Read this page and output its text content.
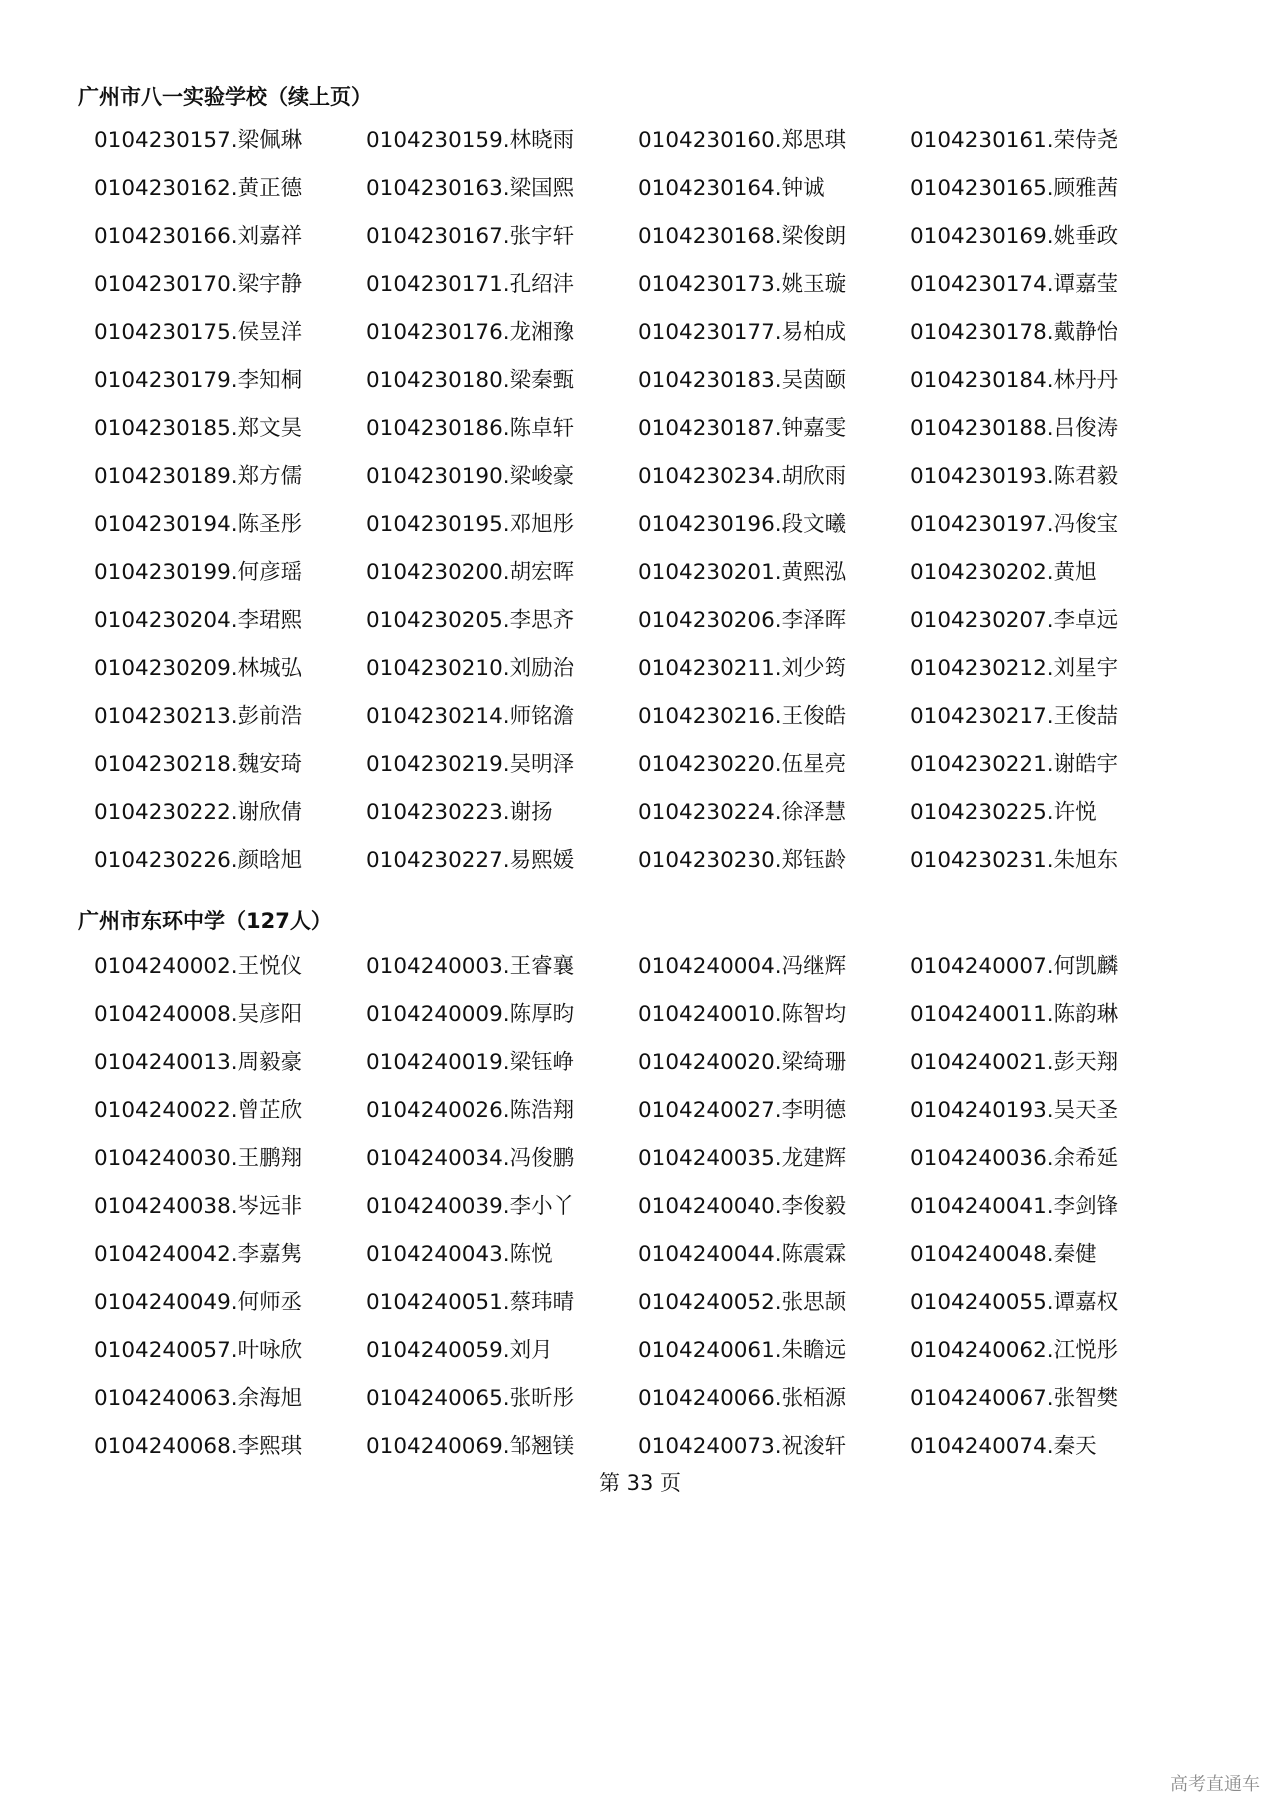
广州市八一实验学校（续上页）
0104230157.梁佩琳	0104230159.林晓雨	0104230160.郑思琪	0104230161.荣侍尧
0104230162.黄正德	0104230163.梁国熙	0104230164.钟诚	0104230165.顾雅茜
0104230166.刘嘉祥	0104230167.张宇轩	0104230168.梁俊朗	0104230169.姚垂政
0104230170.梁宇静	0104230171.孔绍沣	0104230173.姚玉璇	0104230174.谭嘉莹
0104230175.侯昱洋	0104230176.龙湘豫	0104230177.易柏成	0104230178.戴静怡
0104230179.李知桐	0104230180.梁秦甄	0104230183.吴茵颐	0104230184.林丹丹
0104230185.郑文昊	0104230186.陈卓轩	0104230187.钟嘉雯	0104230188.吕俊涛
0104230189.郑方儒	0104230190.梁峻豪	0104230234.胡欣雨	0104230193.陈君毅
0104230194.陈圣彤	0104230195.邓旭彤	0104230196.段文曦	0104230197.冯俊宝
0104230199.何彦瑶	0104230200.胡宏晖	0104230201.黄熙泓	0104230202.黄旭
0104230204.李珺熙	0104230205.李思齐	0104230206.李泽晖	0104230207.李卓远
0104230209.林城弘	0104230210.刘励治	0104230211.刘少筠	0104230212.刘星宇
0104230213.彭前浩	0104230214.师铭澹	0104230216.王俊皓	0104230217.王俊喆
0104230218.魏安琦	0104230219.吴明泽	0104230220.伍星亮	0104230221.谢皓宇
0104230222.谢欣倩	0104230223.谢扬	0104230224.徐泽慧	0104230225.许悦
0104230226.颜晗旭	0104230227.易熙媛	0104230230.郑钰龄	0104230231.朱旭东
广州市东环中学（127人）
0104240002.王悦仪	0104240003.王睿襄	0104240004.冯继辉	0104240007.何凯麟
0104240008.吴彦阳	0104240009.陈厚昀	0104240010.陈智均	0104240011.陈韵琳
0104240013.周毅豪	0104240019.梁钰峥	0104240020.梁绮珊	0104240021.彭天翔
0104240022.曾芷欣	0104240026.陈浩翔	0104240027.李明德	0104240193.吴天圣
0104240030.王鹏翔	0104240034.冯俊鹏	0104240035.龙建辉	0104240036.余希延
0104240038.岑远非	0104240039.李小丫	0104240040.李俊毅	0104240041.李剑锋
0104240042.李嘉隽	0104240043.陈悦	0104240044.陈震霖	0104240048.秦健
0104240049.何师丞	0104240051.蔡玮晴	0104240052.张思颉	0104240055.谭嘉权
0104240057.叶咏欣	0104240059.刘月	0104240061.朱瞻远	0104240062.江悦彤
0104240063.余海旭	0104240065.张昕彤	0104240066.张栢源	0104240067.张智樊
0104240068.李熙琪	0104240069.邹翘镁	0104240073.祝浚轩	0104240074.秦天
第 33 页
高考直通车
